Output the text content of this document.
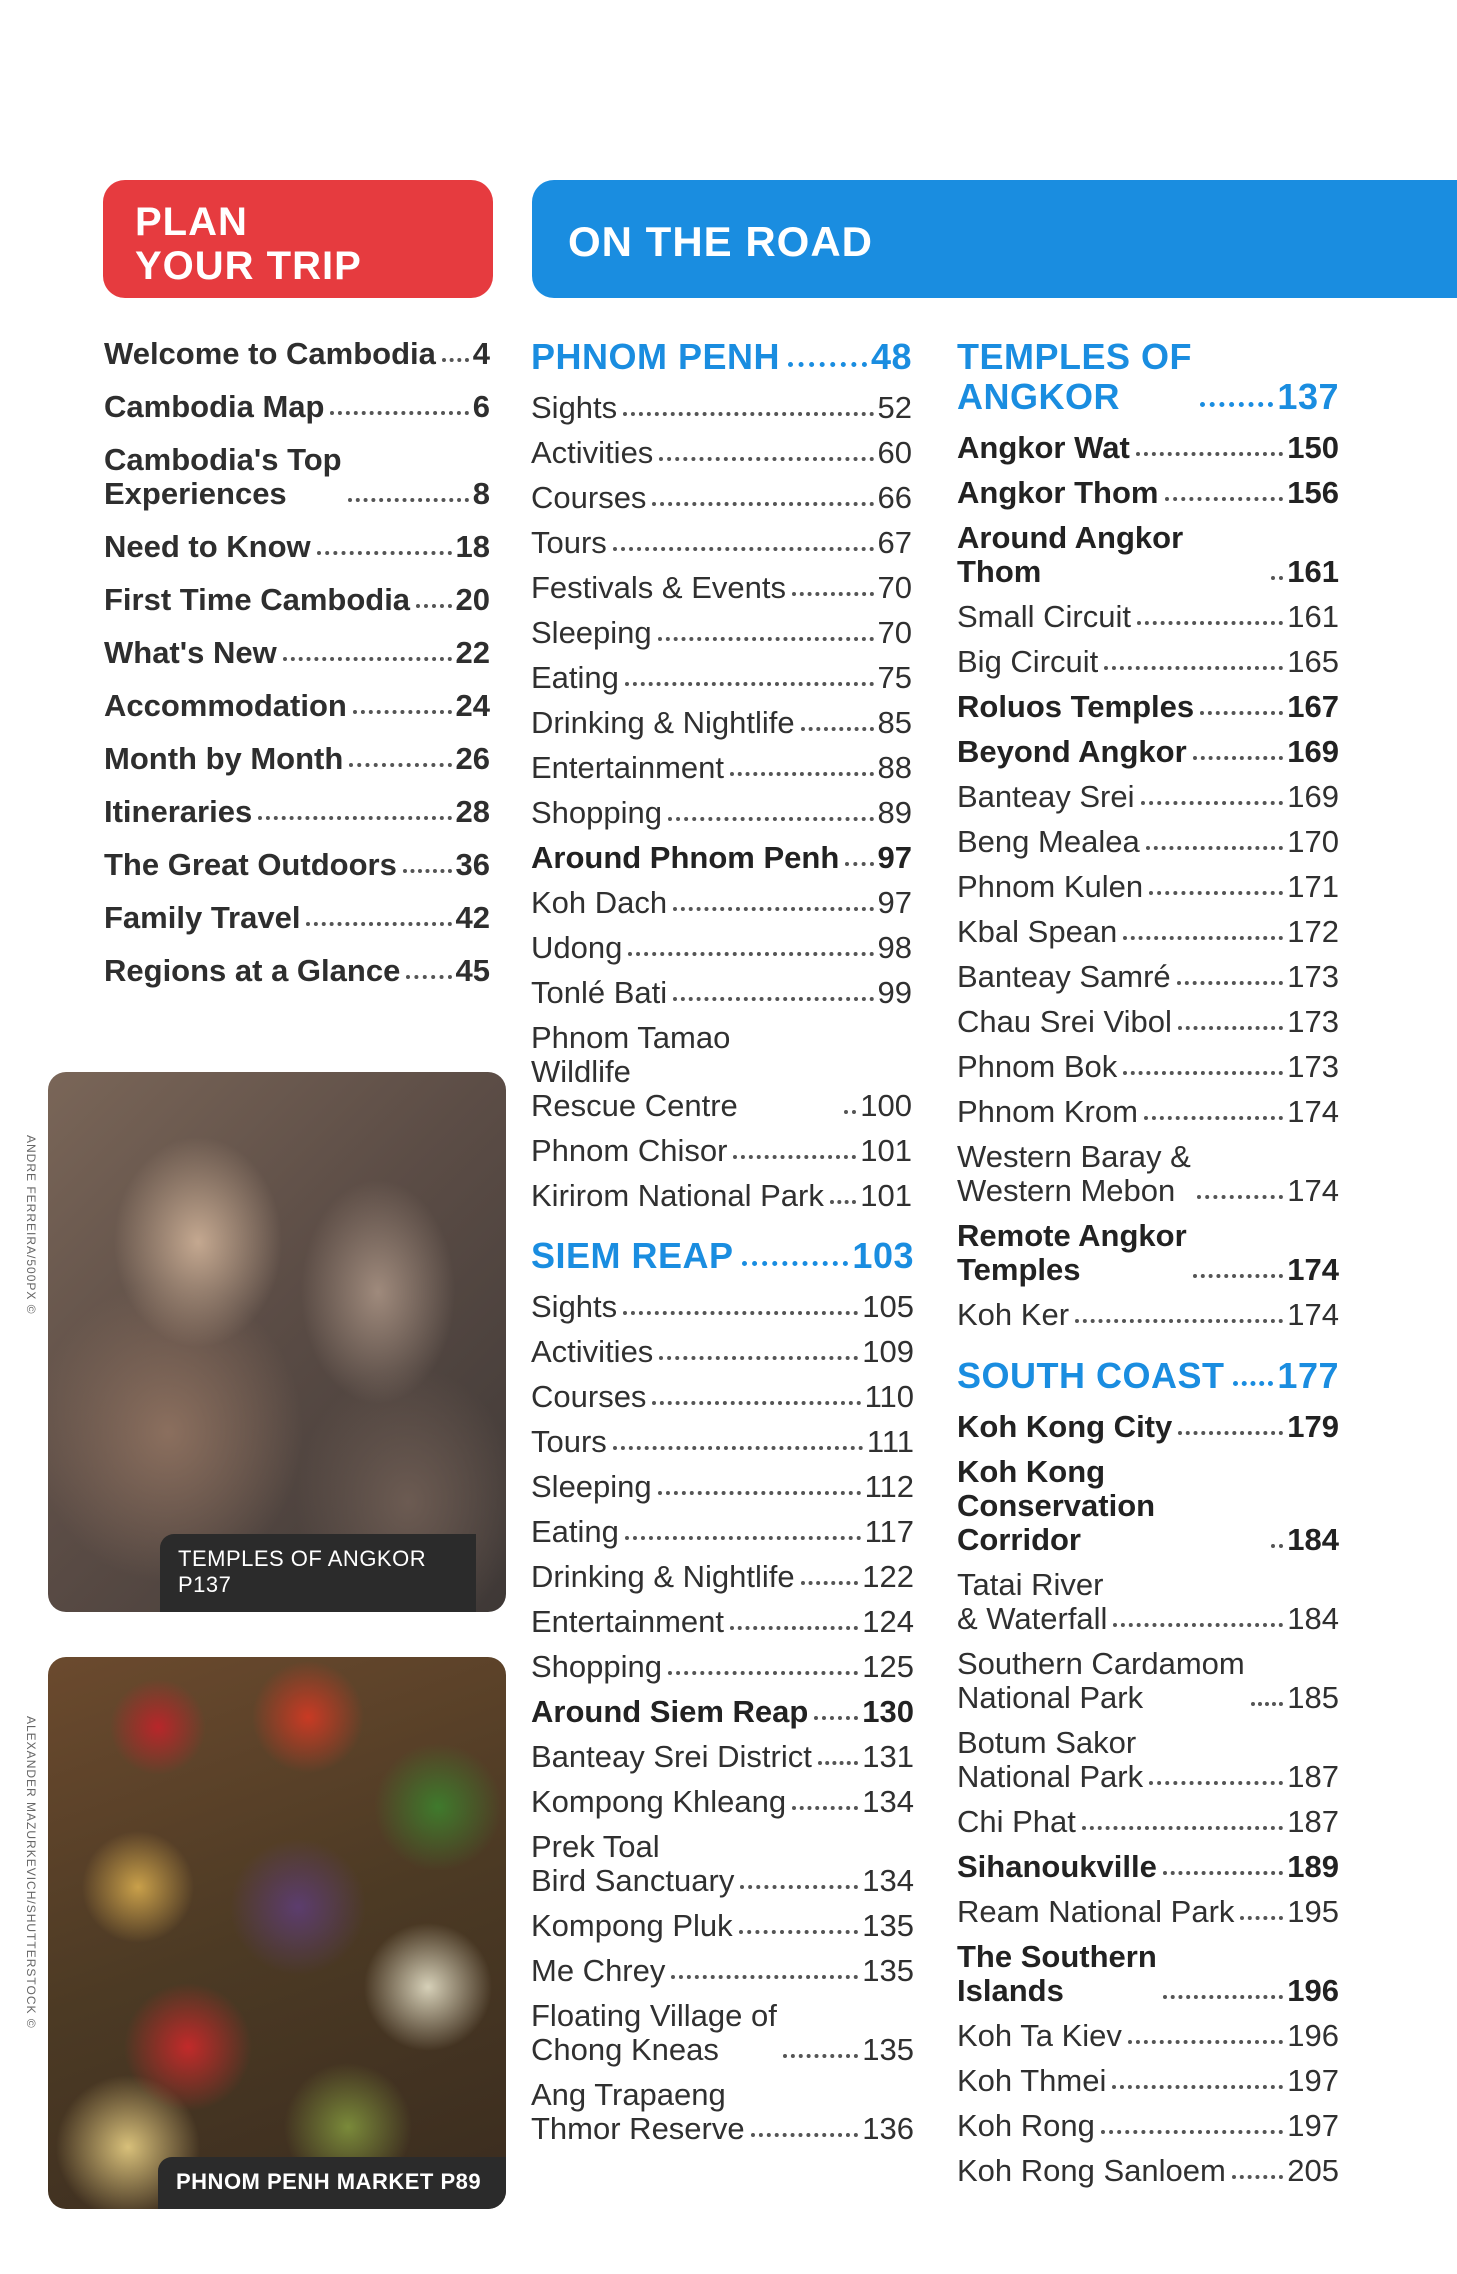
PLAN
YOUR TRIP
ON THE ROAD
Welcome to Cambodia 4
Cambodia Map	6
Cambodia's Top
Experiences	8
Need to Know	18
First Time Cambodia 20
What's New	22
Accommodation	24
Month by Month	26
Itineraries	28
The Great Outdoors 36
Family Travel	42
Regions at a Glance 45
ANDRE FERREIRA/500PX ©
TEMPLES OF ANGKOR P137
ALEXANDER MAZURKEVICH/SHUTTERSTOCK ©
PHNOM PENH MARKET P89
PHNOM PENH	48
Sights	52
Activities	60
Courses	66
Tours	67
Festivals & Events	70
Sleeping	70
Eating	75
Drinking & Nightlife	85
Entertainment	88
Shopping	89
Around Phnom Penh 97
Koh Dach	97
Udong	98
Tonlé Bati	99
Phnom Tamao Wildlife
Rescue Centre	100
Phnom Chisor	101
Kirirom National Park 101
SIEM REAP	103
Sights	105
Activities	109
Courses	110
Tours	111
Sleeping	112
Eating	117
Drinking & Nightlife 122
Entertainment	124
Shopping	125
Around Siem Reap 130
Banteay Srei District 131
Kompong Khleang 134
Prek Toal
Bird Sanctuary	134
Kompong Pluk	135
Me Chrey	135
Floating Village of
Chong Kneas	135
Ang Trapaeng
Thmor Reserve	136
TEMPLES OF
ANGKOR	137
Angkor Wat	150
Angkor Thom	156
Around Angkor Thom	161
Small Circuit	161
Big Circuit	165
Roluos Temples	167
Beyond Angkor	169
Banteay Srei	169
Beng Mealea	170
Phnom Kulen	171
Kbal Spean	172
Banteay Samré	173
Chau Srei Vibol	173
Phnom Bok	173
Phnom Krom	174
Western Baray &
Western Mebon	174
Remote Angkor
Temples	174
Koh Ker	174
SOUTH COAST 177
Koh Kong City	179
Koh Kong Conservation
Corridor	184
Tatai River
& Waterfall	184
Southern Cardamom
National Park	185
Botum Sakor
National Park	187
Chi Phat	187
Sihanoukville	189
Ream National Park 195
The Southern
Islands	196
Koh Ta Kiev	196
Koh Thmei	197
Koh Rong	197
Koh Rong Sanloem 205
